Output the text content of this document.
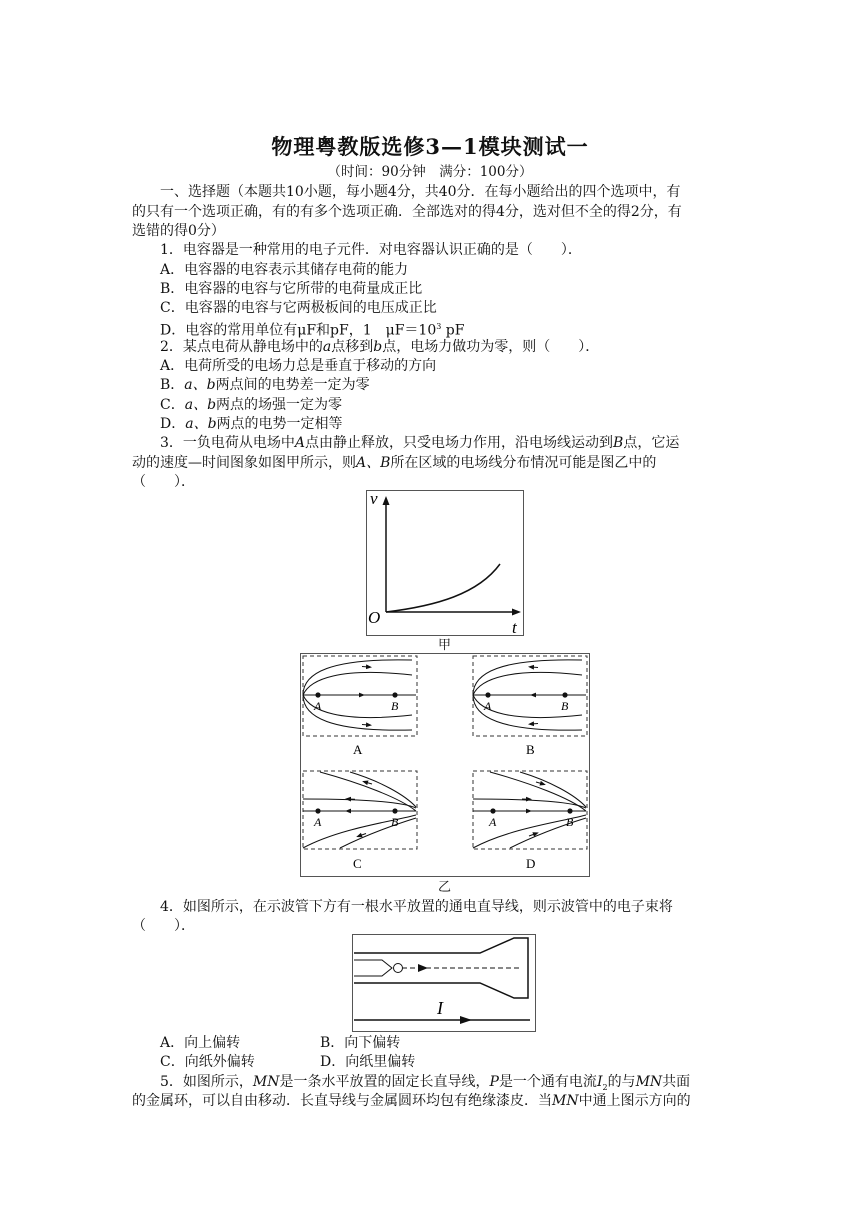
物理粤教版选修3—1模块测试一
（时间：90分钟　满分：100分）
一、选择题（本题共10小题，每小题4分，共40分．在每小题给出的四个选项中，有
的只有一个选项正确，有的有多个选项正确．全部选对的得4分，选对但不全的得2分，有
选错的得0分）
1．电容器是一种常用的电子元件．对电容器认识正确的是（　　）．
A．电容器的电容表示其储存电荷的能力
B．电容器的电容与它所带的电荷量成正比
C．电容器的电容与它两极板间的电压成正比
D．电容的常用单位有μF和pF，1　$\mu F=10^3$ pF
2．某点电荷从静电场中的a点移到b点，电场力做功为零，则（　　）．
A．电荷所受的电场力总是垂直于移动的方向
B．a、b两点间的电势差一定为零
C．a、b两点的场强一定为零
D．a、b两点的电势一定相等
3．一负电荷从电场中A点由静止释放，只受电场力作用，沿电场线运动到B点，它运
动的速度—时间图象如图甲所示，则A、B所在区域的电场线分布情况可能是图乙中的
（　　）．
v
O
t
甲
A	B
A
A	B
B
A	B
C
A	B
D
乙
4．如图所示，在示波管下方有一根水平放置的通电直导线，则示波管中的电子束将
（　　）．
I
A．向上偏转	B．向下偏转
C．向纸外偏转	D．向纸里偏转
5．如图所示，MN是一条水平放置的固定长直导线，P是一个通有电流$I_2$的与MN共面
的金属环，可以自由移动．长直导线与金属圆环均包有绝缘漆皮．当MN中通上图示方向的
